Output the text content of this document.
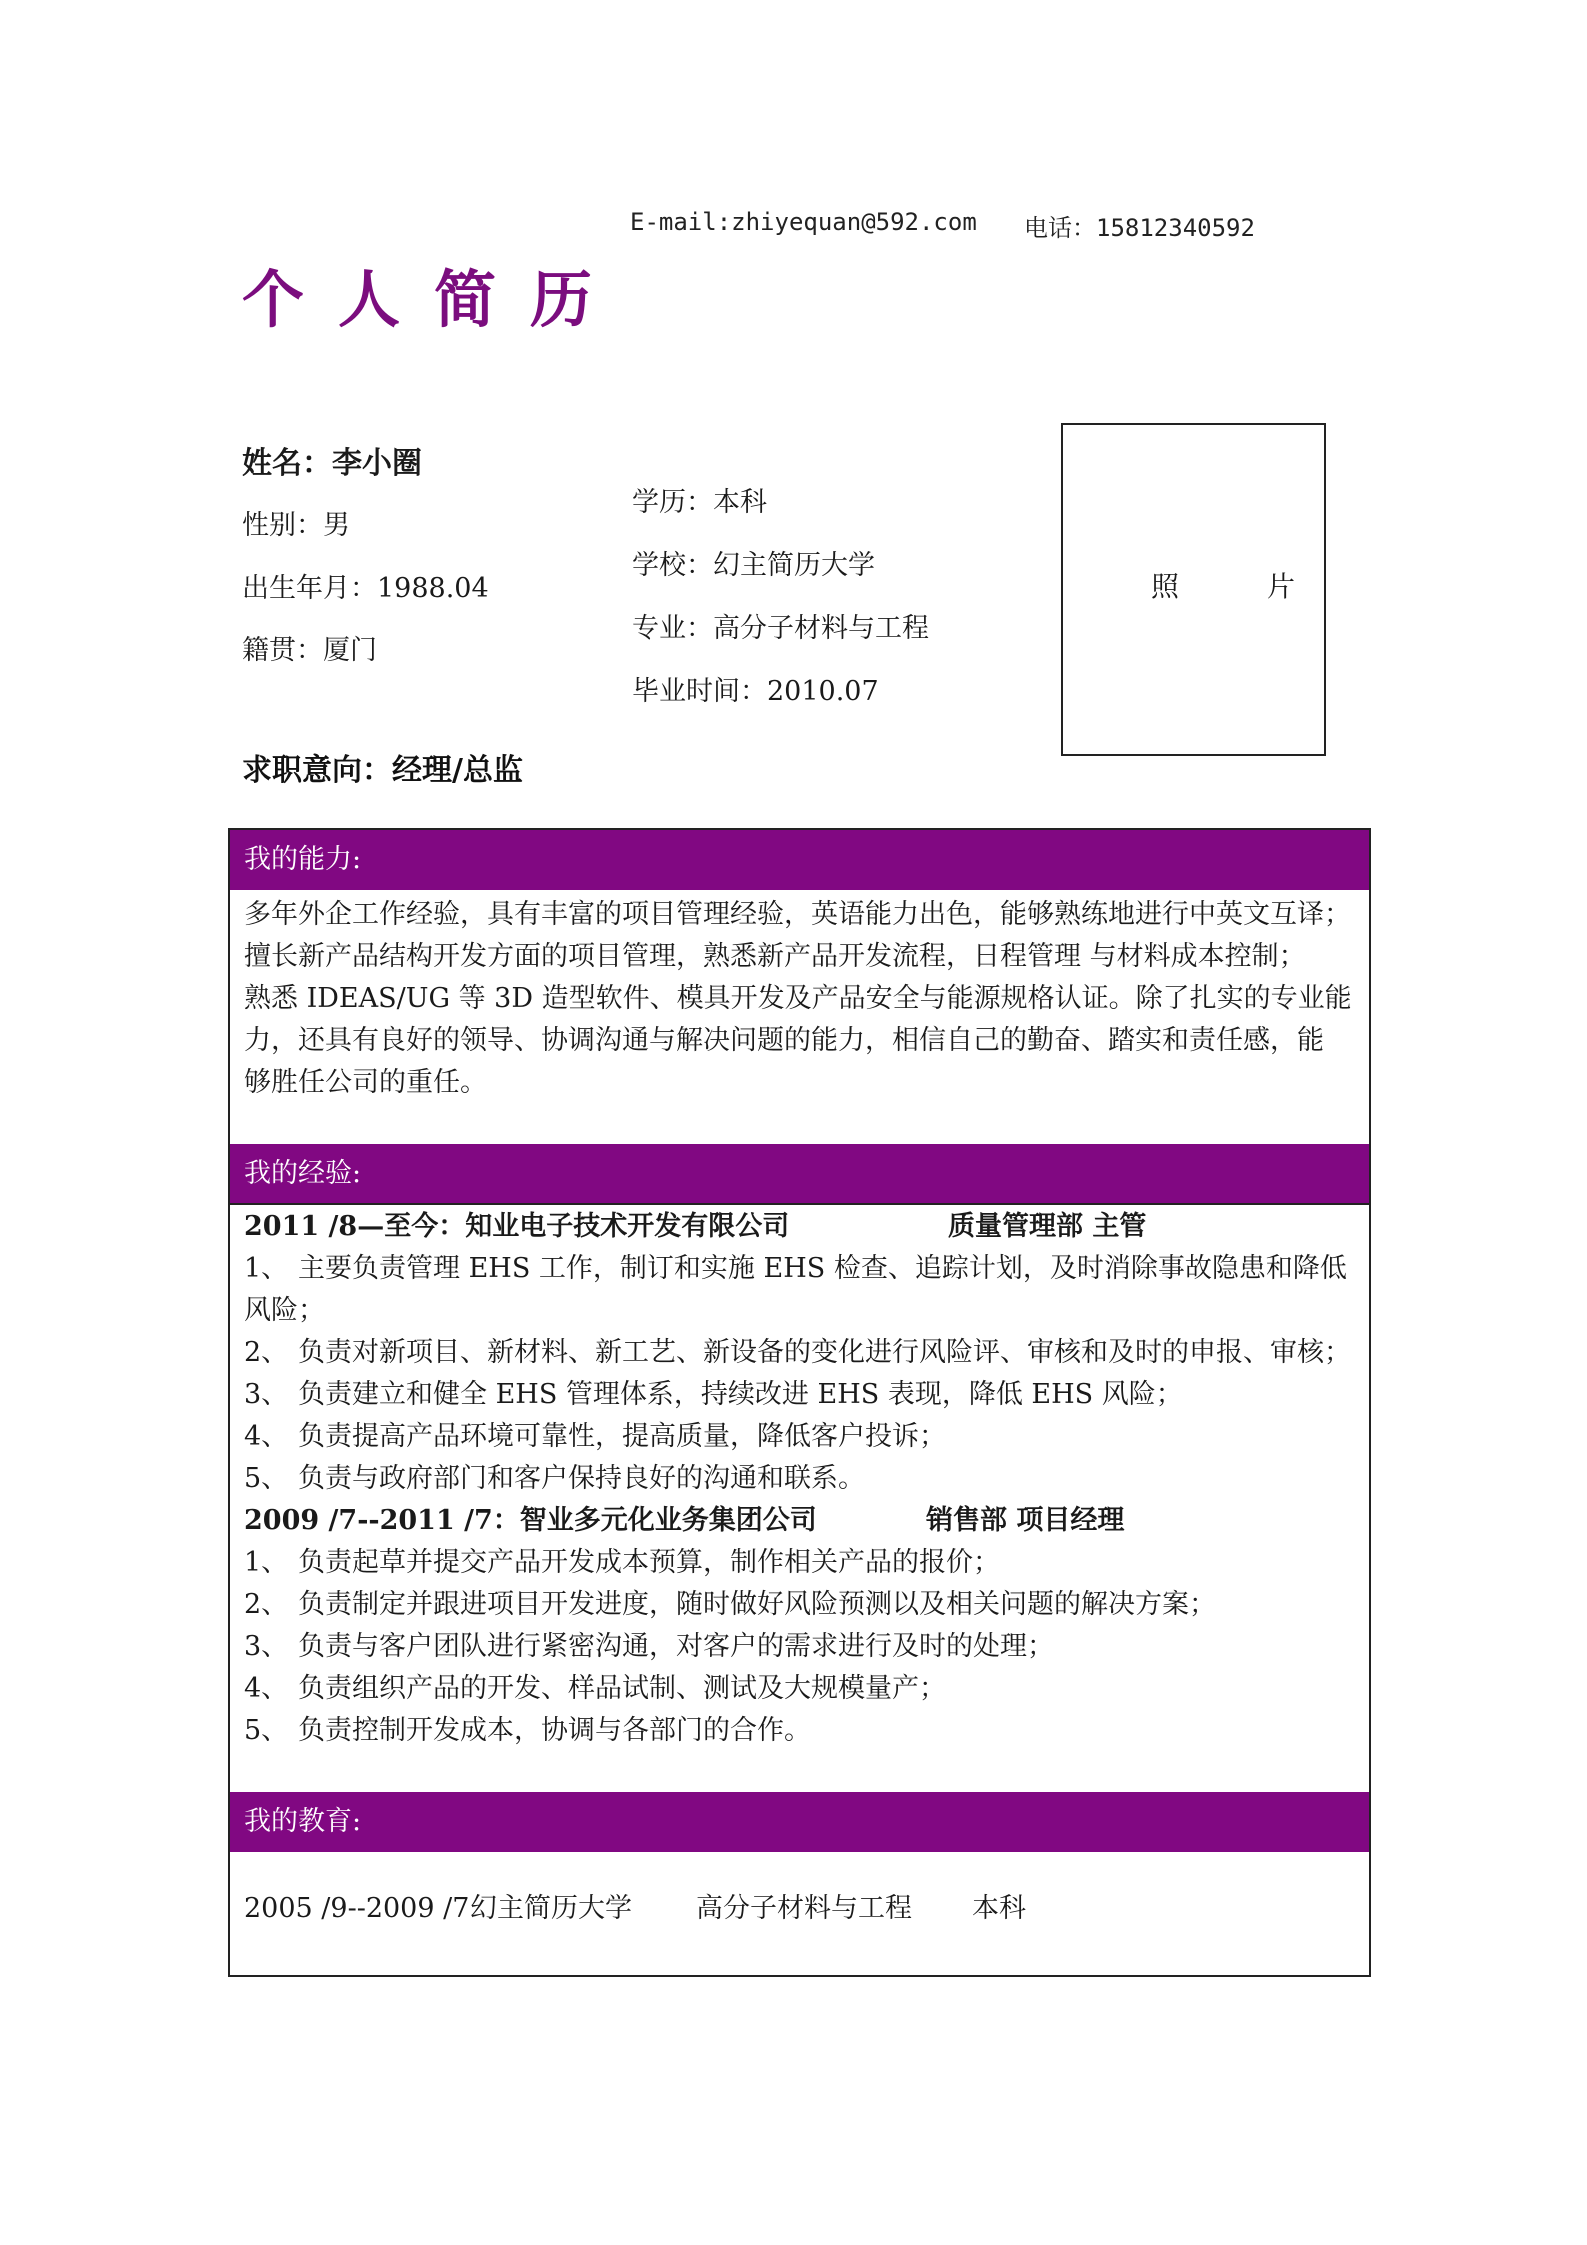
E-mail:zhiyequan@592.com 电话：15812340592
个人简历
姓名：李小圈
性别：男
出生年月：1988.04
籍贯：厦门
学历：本科
学校：幻主简历大学
专业：高分子材料与工程
毕业时间：2010.07
照片
求职意向：经理/总监
我的能力:
多年外企工作经验，具有丰富的项目管理经验，英语能力出色，能够熟练地进行中英文互译；
擅长新产品结构开发方面的项目管理，熟悉新产品开发流程，日程管理 与材料成本控制；
熟悉 IDEAS/UG 等 3D 造型软件、模具开发及产品安全与能源规格认证。除了扎实的专业能
力，还具有良好的领导、协调沟通与解决问题的能力，相信自己的勤奋、踏实和责任感，能
够胜任公司的重任。
我的经验:
2011 /8—至今：知业电子技术开发有限公司	质量管理部 主管
1、 主要负责管理 EHS 工作，制订和实施 EHS 检查、追踪计划，及时消除事故隐患和降低风险；
2、 负责对新项目、新材料、新工艺、新设备的变化进行风险评、审核和及时的申报、审核；
3、 负责建立和健全 EHS 管理体系，持续改进 EHS 表现，降低 EHS 风险；
4、 负责提高产品环境可靠性，提高质量，降低客户投诉；
5、 负责与政府部门和客户保持良好的沟通和联系。
2009 /7--2011 /7：智业多元化业务集团公司	销售部 项目经理
1、 负责起草并提交产品开发成本预算，制作相关产品的报价；
2、 负责制定并跟进项目开发进度，随时做好风险预测以及相关问题的解决方案；
3、 负责与客户团队进行紧密沟通，对客户的需求进行及时的处理；
4、 负责组织产品的开发、样品试制、测试及大规模量产；
5、 负责控制开发成本，协调与各部门的合作。
我的教育:
2005 /9--2009 /7 幻主简历大学 高分子材料与工程 本科
